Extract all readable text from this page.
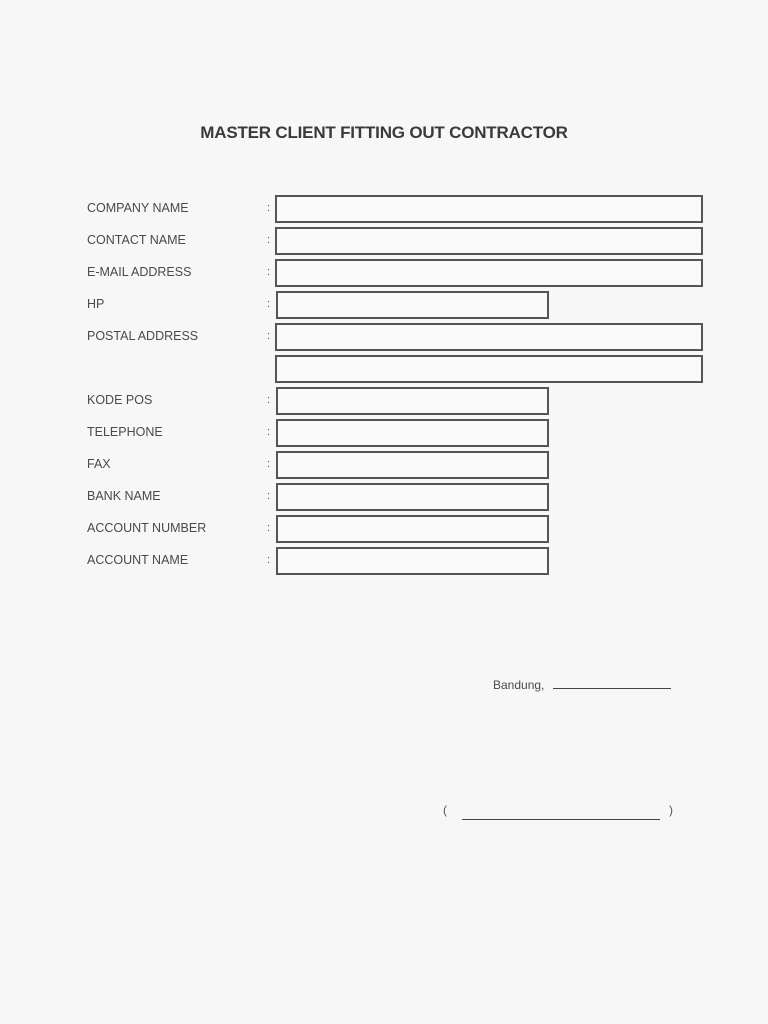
MASTER CLIENT FITTING OUT CONTRACTOR
COMPANY NAME	:
CONTACT NAME	:
E-MAIL ADDRESS	:
HP	:
POSTAL ADDRESS	:
KODE POS	:
TELEPHONE	:
FAX	:
BANK NAME	:
ACCOUNT NUMBER	:
ACCOUNT NAME	:
Bandung,
(	)
